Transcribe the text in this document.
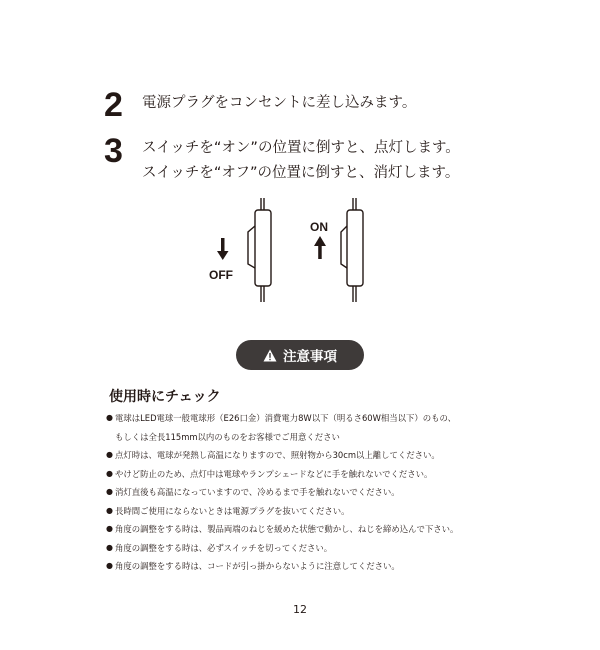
2 電源プラグをコンセントに差し込みます。
3 スイッチを“オン”の位置に倒すと、点灯します。
スイッチを“オフ”の位置に倒すと、消灯します。
OFF
ON
注意事項
使用時にチェック
● 電球はLED電球一般電球形（E26口金）消費電力8W以下（明るさ60W相当以下）のもの、
もしくは全長115mm以内のものをお客様でご用意ください
● 点灯時は、電球が発熱し高温になりますので、照射物から30cm以上離してください。
● やけど防止のため、点灯中は電球やランプシェードなどに手を触れないでください。
● 消灯直後も高温になっていますので、冷めるまで手を触れないでください。
● 長時間ご使用にならないときは電源プラグを抜いてください。
● 角度の調整をする時は、製品両端のねじを緩めた状態で動かし、ねじを締め込んで下さい。
● 角度の調整をする時は、必ずスイッチを切ってください。
● 角度の調整をする時は、コードが引っ掛からないように注意してください。
12
